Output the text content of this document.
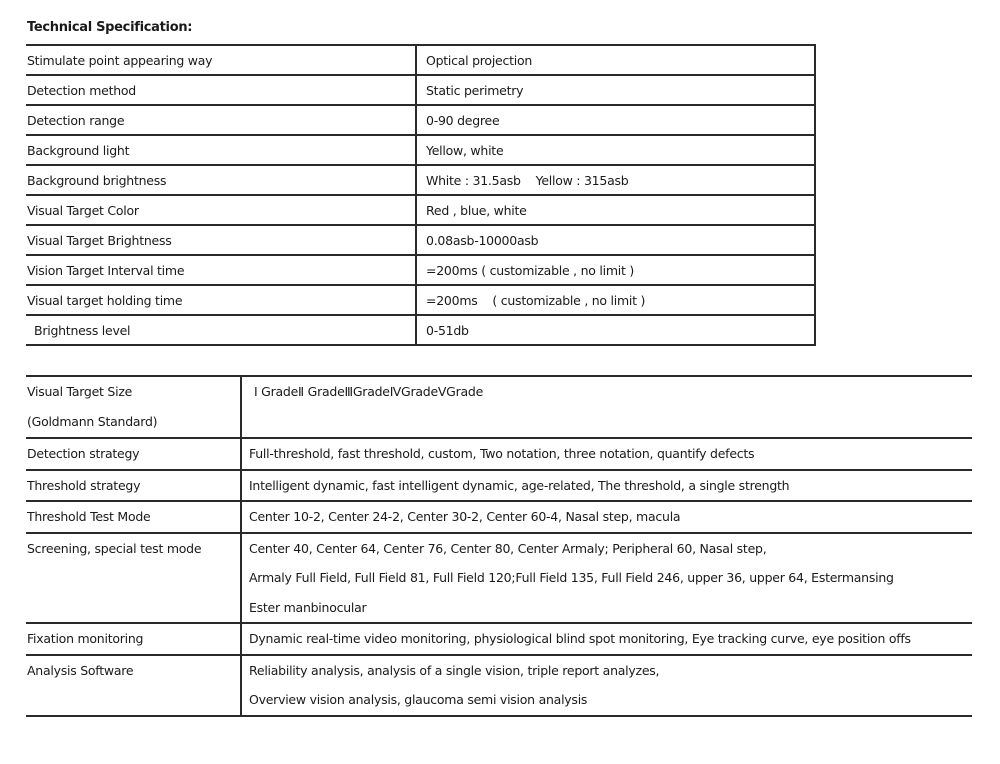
Technical Specification:
Stimulate point appearing way	Optical projection
Detection method	Static perimetry
Detection range	0-90 degree
Background light	Yellow, white
Background brightness	White : 31.5asb    Yellow : 315asb
Visual Target Color	Red , blue, white
Visual Target Brightness	0.08asb-10000asb
Vision Target Interval time	=200ms ( customizable , no limit )
Visual target holding time	=200ms    ( customizable , no limit )
Brightness level	0-51db
Visual Target Size
(Goldmann Standard)	Ⅰ GradeⅡ GradeⅢGradeⅣGradeⅤGrade

Detection strategy	Full-threshold, fast threshold, custom, Two notation, three notation, quantify defects

Threshold strategy	Intelligent dynamic, fast intelligent dynamic, age-related, The threshold, a single strength

Threshold Test Mode	Center 10-2, Center 24-2, Center 30-2, Center 60-4, Nasal step, macula

Screening, special test mode	Center 40, Center 64, Center 76, Center 80, Center Armaly; Peripheral 60, Nasal step,
Armaly Full Field, Full Field 81, Full Field 120;Full Field 135, Full Field 246, upper 36, upper 64, Estermansing
Ester manbinocular

Fixation monitoring	Dynamic real-time video monitoring, physiological blind spot monitoring, Eye tracking curve, eye position offs

Analysis Software	Reliability analysis, analysis of a single vision, triple report analyzes,
Overview vision analysis, glaucoma semi vision analysis
